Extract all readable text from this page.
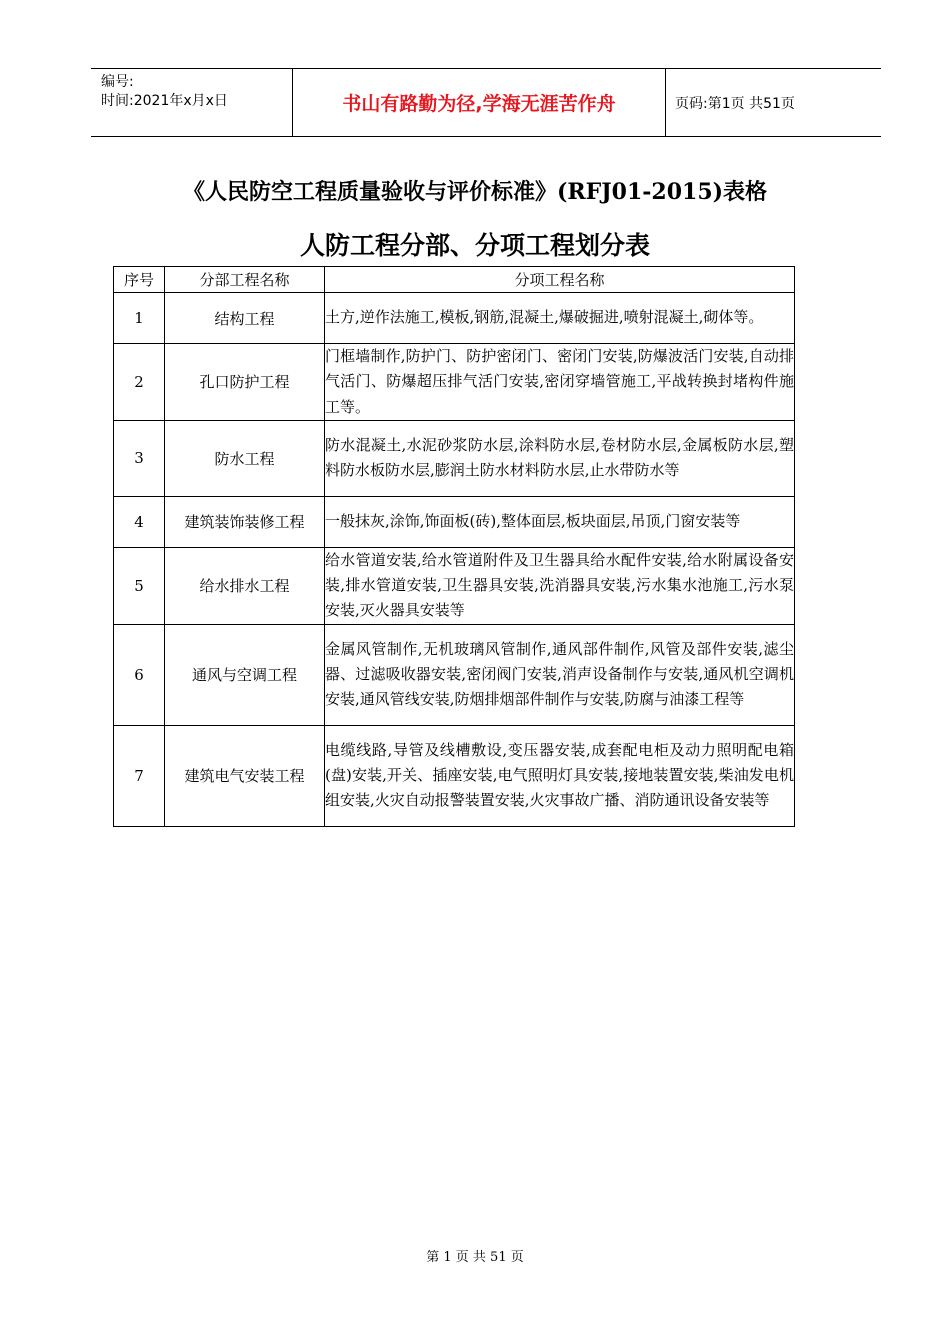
编号:
时间:2021年x月x日	书山有路勤为径,学海无涯苦作舟	页码:第1页 共51页
《人民防空工程质量验收与评价标准》(RFJ01-2015)表格
人防工程分部、分项工程划分表
序号	分部工程名称	分项工程名称
1	结构工程	土方,逆作法施工,模板,钢筋,混凝土,爆破掘进,喷射混凝土,砌体等。
2	孔口防护工程	门框墙制作,防护门、防护密闭门、密闭门安装,防爆波活门安装,自动排气活门、防爆超压排气活门安装,密闭穿墙管施工,平战转换封堵构件施工等。
3	防水工程	防水混凝土,水泥砂浆防水层,涂料防水层,卷材防水层,金属板防水层,塑料防水板防水层,膨润土防水材料防水层,止水带防水等
4	建筑装饰装修工程	一般抹灰,涂饰,饰面板(砖),整体面层,板块面层,吊顶,门窗安装等
5	给水排水工程	给水管道安装,给水管道附件及卫生器具给水配件安装,给水附属设备安装,排水管道安装,卫生器具安装,洗消器具安装,污水集水池施工,污水泵安装,灭火器具安装等
6	通风与空调工程	金属风管制作,无机玻璃风管制作,通风部件制作,风管及部件安装,滤尘器、过滤吸收器安装,密闭阀门安装,消声设备制作与安装,通风机空调机安装,通风管线安装,防烟排烟部件制作与安装,防腐与油漆工程等
7	建筑电气安装工程	电缆线路,导管及线槽敷设,变压器安装,成套配电柜及动力照明配电箱(盘)安装,开关、插座安装,电气照明灯具安装,接地装置安装,柴油发电机组安装,火灾自动报警装置安装,火灾事故广播、消防通讯设备安装等
第 1 页 共 51 页
